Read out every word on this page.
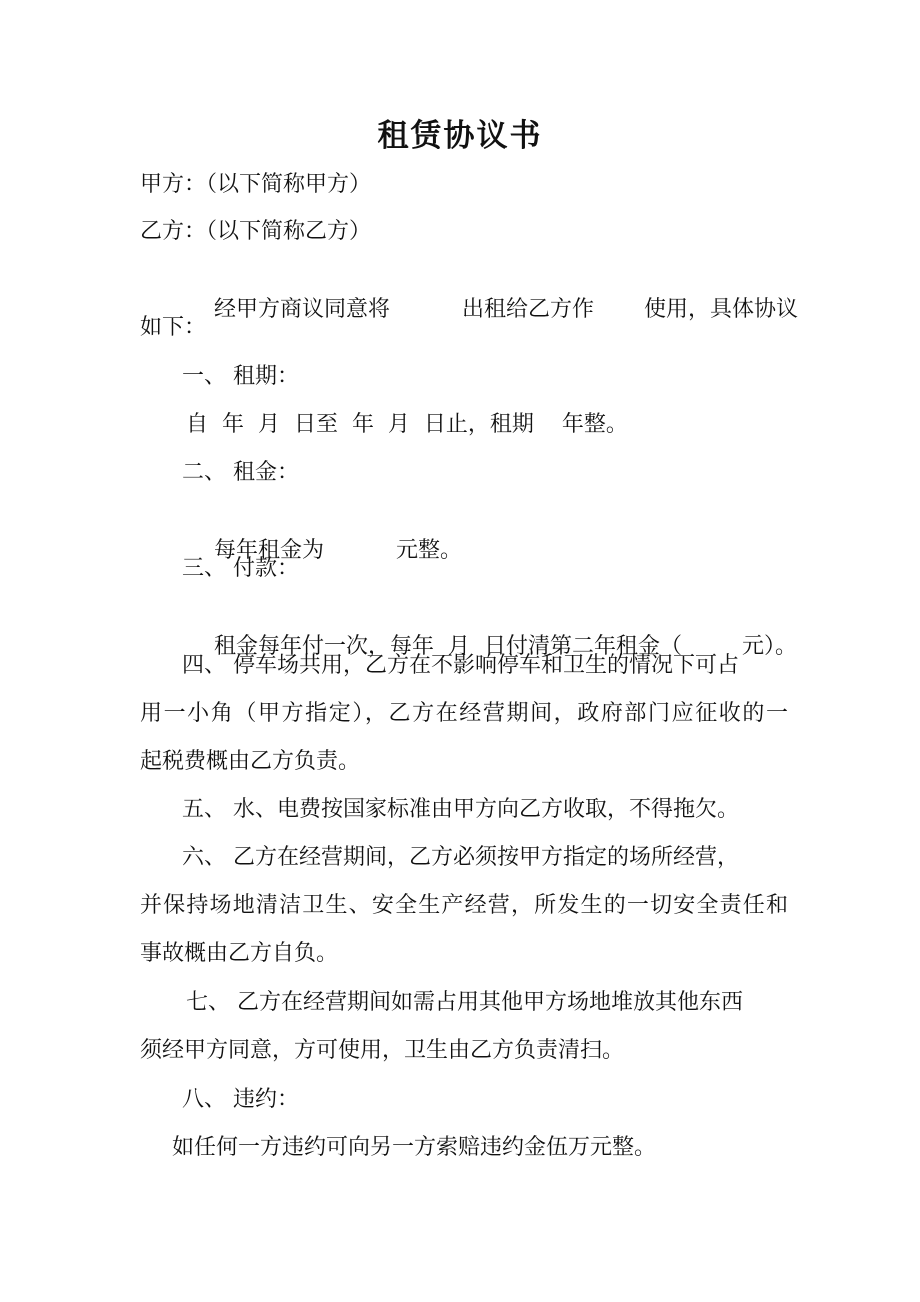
租赁协议书
甲方：（以下简称甲方）
乙方：（以下简称乙方）

经甲方商议同意将	出租给乙方作 使用，具体协议

如下：
一、 租期：
自  年  月  日至  年  月  日止，租期    年整。
二、 租金：

每年租金为	元整。

三、 付款：

租金每年付一次，每年  月  日付清第二年租金（	元）。

四、 停车场共用，乙方在不影响停车和卫生的情况下可占
用一小角（甲方指定），乙方在经营期间，政府部门应征收的一
起税费概由乙方负责。
五、 水、电费按国家标准由甲方向乙方收取，不得拖欠。
六、 乙方在经营期间，乙方必须按甲方指定的场所经营，
并保持场地清洁卫生、安全生产经营，所发生的一切安全责任和
事故概由乙方自负。
七、 乙方在经营期间如需占用其他甲方场地堆放其他东西
须经甲方同意，方可使用，卫生由乙方负责清扫。
八、 违约：
如任何一方违约可向另一方索赔违约金伍万元整。
